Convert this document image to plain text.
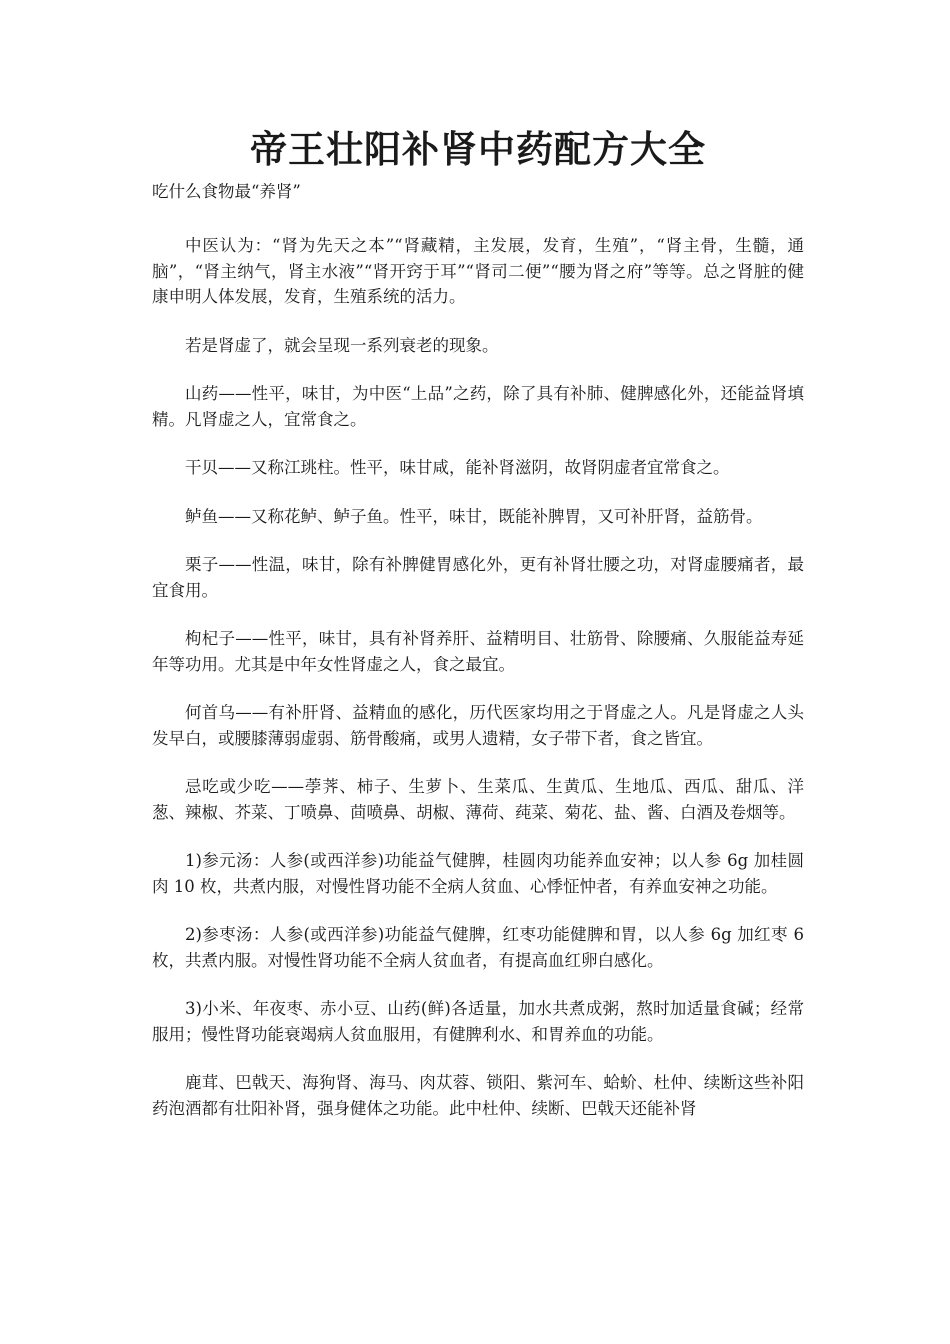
帝王壮阳补肾中药配方大全

吃什么食物最“养肾”

中医认为：“肾为先天之本”“肾藏精，主发展，发育，生殖”，“肾主骨，生髓，通脑”，“肾主纳气，肾主水液”“肾开窍于耳”“肾司二便”“腰为肾之府”等等。总之肾脏的健康申明人体发展，发育，生殖系统的活力。

若是肾虚了，就会呈现一系列衰老的现象。

山药——性平，味甘，为中医“上品”之药，除了具有补肺、健脾感化外，还能益肾填精。凡肾虚之人，宜常食之。

干贝——又称江珧柱。性平，味甘咸，能补肾滋阴，故肾阴虚者宜常食之。

鲈鱼——又称花鲈、鲈子鱼。性平，味甘，既能补脾胃，又可补肝肾，益筋骨。

栗子——性温，味甘，除有补脾健胃感化外，更有补肾壮腰之功，对肾虚腰痛者，最宜食用。

枸杞子——性平，味甘，具有补肾养肝、益精明目、壮筋骨、除腰痛、久服能益寿延年等功用。尤其是中年女性肾虚之人，食之最宜。

何首乌——有补肝肾、益精血的感化，历代医家均用之于肾虚之人。凡是肾虚之人头发早白，或腰膝薄弱虚弱、筋骨酸痛，或男人遗精，女子带下者，食之皆宜。

忌吃或少吃——荸荠、柿子、生萝卜、生菜瓜、生黄瓜、生地瓜、西瓜、甜瓜、洋葱、辣椒、芥菜、丁喷鼻、茴喷鼻、胡椒、薄荷、莼菜、菊花、盐、酱、白酒及卷烟等。

1)参元汤：人参(或西洋参)功能益气健脾，桂圆肉功能养血安神；以人参 6g 加桂圆肉 10 枚，共煮内服，对慢性肾功能不全病人贫血、心悸怔忡者，有养血安神之功能。

2)参枣汤：人参(或西洋参)功能益气健脾，红枣功能健脾和胃，以人参 6g 加红枣 6 枚，共煮内服。对慢性肾功能不全病人贫血者，有提高血红卵白感化。

3)小米、年夜枣、赤小豆、山药(鲜)各适量，加水共煮成粥，熬时加适量食碱；经常服用；慢性肾功能衰竭病人贫血服用，有健脾利水、和胃养血的功能。

鹿茸、巴戟天、海狗肾、海马、肉苁蓉、锁阳、紫河车、蛤蚧、杜仲、续断这些补阳药泡酒都有壮阳补肾，强身健体之功能。此中杜仲、续断、巴戟天还能补肾
